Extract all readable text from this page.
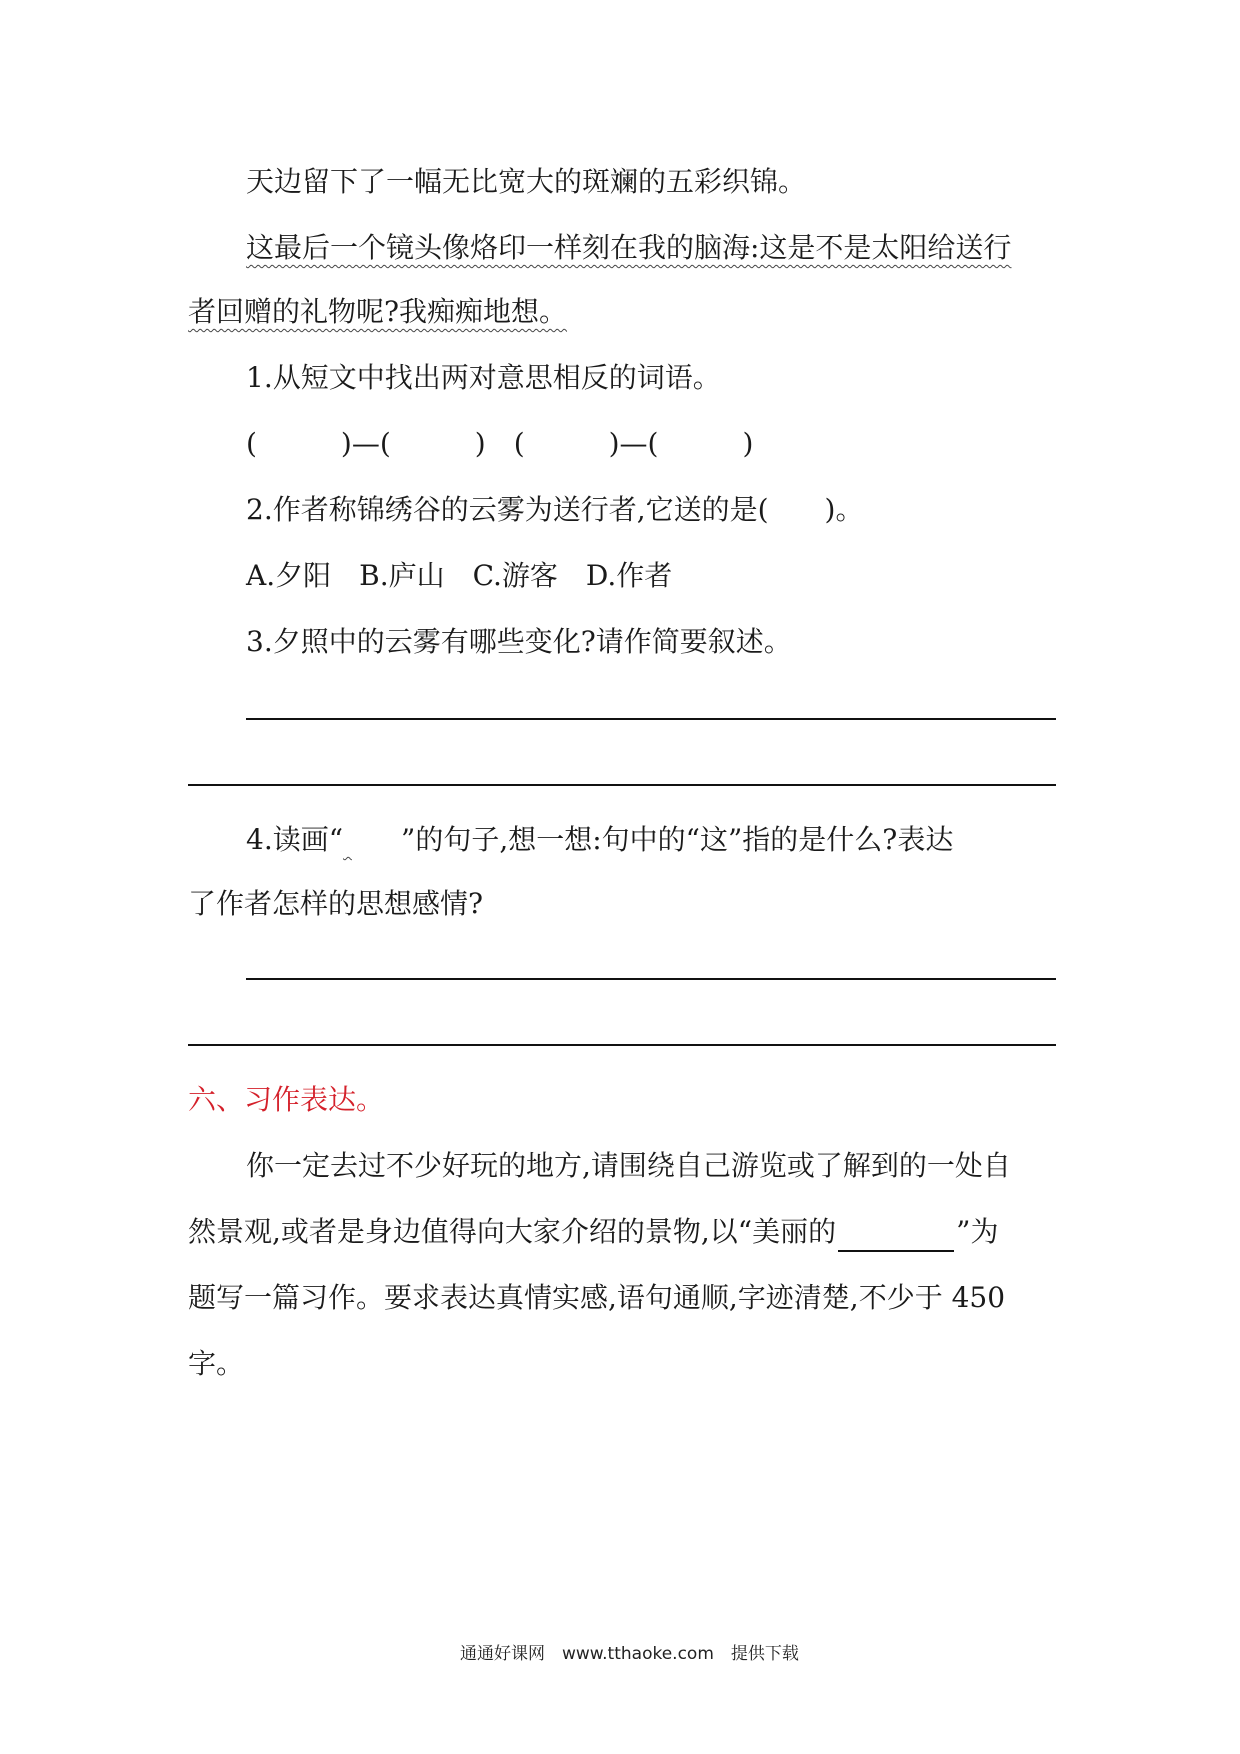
天边留下了一幅无比宽大的斑斓的五彩织锦。
这最后一个镜头像烙印一样刻在我的脑海:这是不是太阳给送行
者回赠的礼物呢?我痴痴地想。
1.从短文中找出两对意思相反的词语。
(　　　)—(　　　)　(　　　)—(　　　)
2.作者称锦绣谷的云雾为送行者,它送的是(　　)。
A.夕阳　B.庐山　C.游客　D.作者
3.夕照中的云雾有哪些变化?请作简要叙述。
4.读画“ ”的句子,想一想:句中的“这”指的是什么?表达
了作者怎样的思想感情?
六、习作表达。
你一定去过不少好玩的地方,请围绕自己游览或了解到的一处自
然景观,或者是身边值得向大家介绍的景物,以“美丽的	”为
题写一篇习作。要求表达真情实感,语句通顺,字迹清楚,不少于 450
字。
通通好课网　www.tthaoke.com　提供下载
